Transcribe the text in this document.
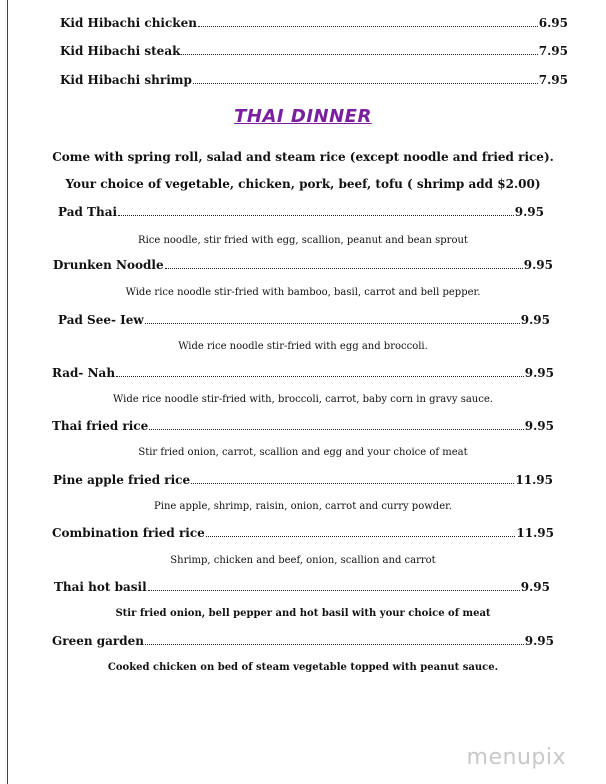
Kid Hibachi chicken	6.95
Kid Hibachi steak	7.95
Kid Hibachi shrimp	7.95
THAI DINNER
Come with spring roll, salad and steam rice (except noodle and fried rice).
Your choice of vegetable, chicken, pork, beef, tofu ( shrimp add $2.00)
Pad Thai	9.95
Rice noodle, stir fried with egg, scallion, peanut and bean sprout
Drunken Noodle	9.95
Wide rice noodle stir-fried with bamboo, basil, carrot and bell pepper.
Pad See- Iew	9.95
Wide rice noodle stir-fried with egg and broccoli.
Rad- Nah	9.95
Wide rice noodle stir-fried with, broccoli, carrot, baby corn in gravy sauce.
Thai fried rice	9.95
Stir fried onion, carrot, scallion and egg and your choice of meat
Pine apple fried rice	11.95
Pine apple, shrimp, raisin, onion, carrot and curry powder.
Combination fried rice	11.95
Shrimp, chicken and beef, onion, scallion and carrot
Thai hot basil	9.95
Stir fried onion, bell pepper and hot basil with your choice of meat
Green garden	9.95
Cooked chicken on bed of steam vegetable topped with peanut sauce.
menupix
